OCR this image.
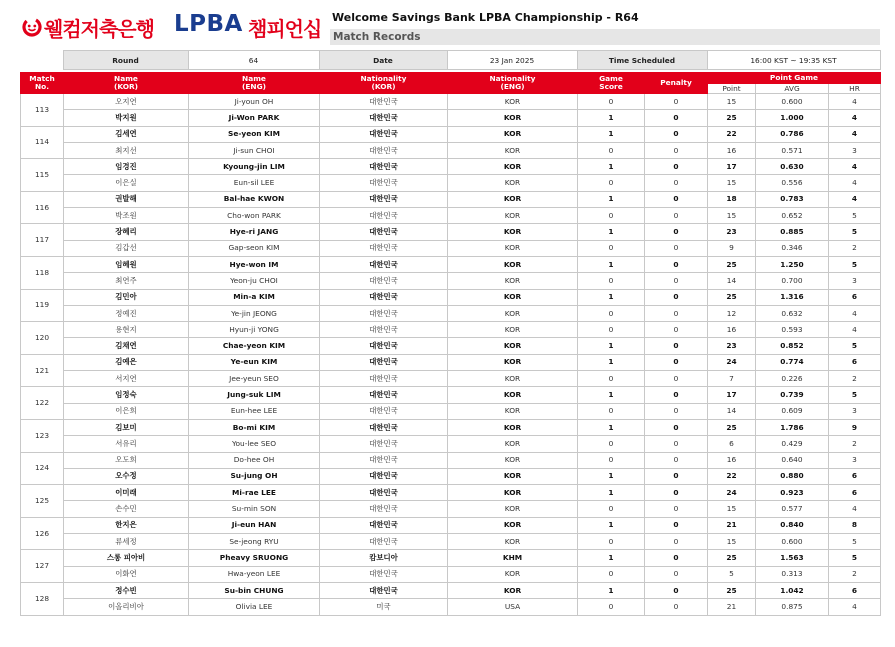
웰컴저축은행 LPBA 챔피언십 Welcome Savings Bank LPBA Championship - R64
Match Records
	Round	64	Date	23 Jan 2025	Time Scheduled	16:00 KST ~ 19:35 KST
Match
No.	Name
(KOR)	Name
(ENG)	Nationality
(KOR)	Nationality
(ENG)	Game
Score	Penalty	Point Game		
							Point	AVG	HR
113	오지연	Ji-youn OH	대한민국	KOR	0	0	15	0.600	4
	박지원	Ji-Won PARK	대한민국	KOR	1	0	25	1.000	4
114	김세연	Se-yeon KIM	대한민국	KOR	1	0	22	0.786	4
	최지선	Ji-sun CHOI	대한민국	KOR	0	0	16	0.571	3
115	임경진	Kyoung-jin LIM	대한민국	KOR	1	0	17	0.630	4
	이은실	Eun-sil LEE	대한민국	KOR	0	0	15	0.556	4
116	권발해	Bal-hae KWON	대한민국	KOR	1	0	18	0.783	4
	박조원	Cho-won PARK	대한민국	KOR	0	0	15	0.652	5
117	장혜리	Hye-ri JANG	대한민국	KOR	1	0	23	0.885	5
	김갑선	Gap-seon KIM	대한민국	KOR	0	0	9	0.346	2
118	임혜원	Hye-won IM	대한민국	KOR	1	0	25	1.250	5
	최연주	Yeon-ju CHOI	대한민국	KOR	0	0	14	0.700	3
119	김민아	Min-a KIM	대한민국	KOR	1	0	25	1.316	6
	정예진	Ye-jin JEONG	대한민국	KOR	0	0	12	0.632	4
120	용현지	Hyun-ji YONG	대한민국	KOR	0	0	16	0.593	4
	김채연	Chae-yeon KIM	대한민국	KOR	1	0	23	0.852	5
121	김예은	Ye-eun KIM	대한민국	KOR	1	0	24	0.774	6
	서지연	Jee-yeun SEO	대한민국	KOR	0	0	7	0.226	2
122	임정숙	Jung-suk LIM	대한민국	KOR	1	0	17	0.739	5
	이은희	Eun-hee LEE	대한민국	KOR	0	0	14	0.609	3
123	김보미	Bo-mi KIM	대한민국	KOR	1	0	25	1.786	9
	서유리	You-lee SEO	대한민국	KOR	0	0	6	0.429	2
124	오도희	Do-hee OH	대한민국	KOR	0	0	16	0.640	3
	오수정	Su-jung OH	대한민국	KOR	1	0	22	0.880	6
125	이미래	Mi-rae LEE	대한민국	KOR	1	0	24	0.923	6
	손수민	Su-min SON	대한민국	KOR	0	0	15	0.577	4
126	한지은	Ji-eun HAN	대한민국	KOR	1	0	21	0.840	8
	류세정	Se-jeong RYU	대한민국	KOR	0	0	15	0.600	5
127	스롱 피아비	Pheavy SRUONG	캄보디아	KHM	1	0	25	1.563	5
	이화연	Hwa-yeon LEE	대한민국	KOR	0	0	5	0.313	2
128	정수빈	Su-bin CHUNG	대한민국	KOR	1	0	25	1.042	6
	이올리비아	Olivia LEE	미국	USA	0	0	21	0.875	4
